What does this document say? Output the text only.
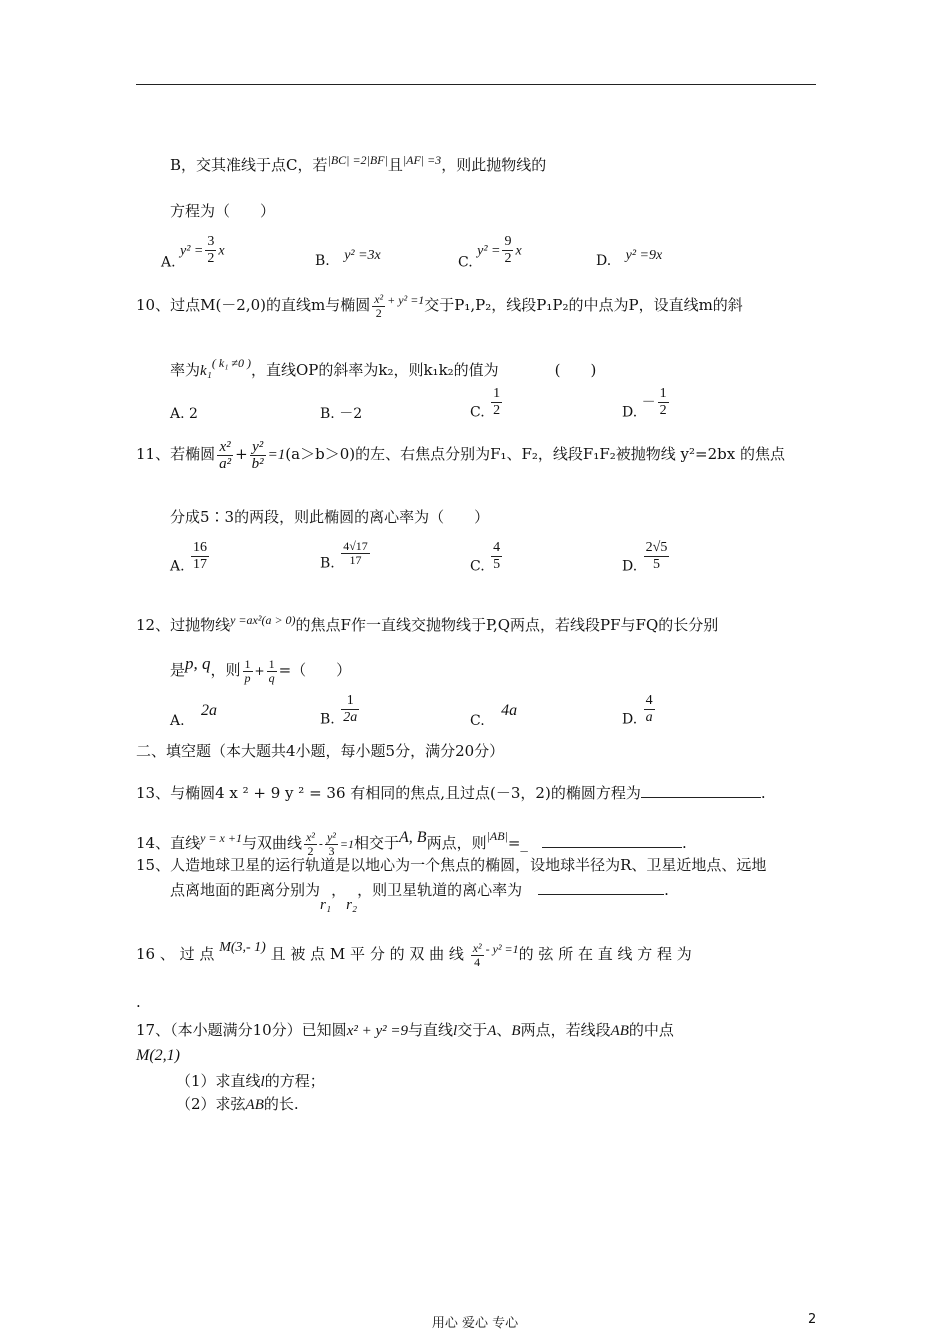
B，交其准线于点C，若$^{|BC| =2|BF|}$且$^{|AF| =3}$，则此抛物线的
方程为（　　）
A. $y^2 = \frac{3}{2}$ x
B. y² =3x	C. $y^2 = \frac{9}{2}$ x
D. y² =9x
10、过点M(－2,0)的直线m与椭圆 $\frac{\text{x²}}{2} ^{+ y^2 =1}$交于P₁,P₂，线段P₁P₂的中点为P，设直线m的斜
率为k₁$^{( k_1 \ne 0 )}$，直线OP的斜率为k₂，则k₁k₂的值为	(　　)
A. 2	B. －2	C. $\frac{1}{2}$	D. － $\frac{1}{2}$
11、若椭圆 $\frac{\text{x²}}{\text{a²}} + \frac{\text{y²}}{\text{b²}} =1(a>b>0)$的左、右焦点分别为F₁、F₂，线段F₁F₂被抛物线 y²=2bx 的焦点
分成5∶3的两段，则此椭圆的离心率为（　　）
A. $\frac{16}{17}$	B. $\frac{4√17}{17}$	C. $\frac{4}{5}$	D. $\frac{2√5}{5}$
12、过抛物线$^{y =ax^2(a > 0)}$的焦点F作一直线交抛物线于P,Q两点，若线段PF与FQ的长分别
是p, q，则 $\frac{1}{p} + \frac{1}{q}$ =（　　）
A. 2a
B. $\frac{1}{2a}$	C. 4a
D. $\frac{4}{a}$
二、填空题（本大题共4小题，每小题5分，满分20分）
13、与椭圆4 x ² + 9 y ² = 36 有相同的焦点,且过点(－3，2)的椭圆方程为	.
14、直线$^{y = x +1}$与双曲线 $\frac{\text{x²}}{2} - \frac{\text{y²}}{3} =1$相交于A, B两点，则$^{|AB|}$=_	.
15、人造地球卫星的运行轨道是以地心为一个焦点的椭圆，设地球半径为R、卫星近地点、远地
点离地面的距离分别为r₁，r₂，则卫星轨道的离心率为	.
16 、 过 点 M(3,- 1) 且 被 点 M 平 分 的 双 曲 线 $\frac{\text{x²}}{4} ^{- y^2 =1}$的 弦 所 在 直 线 方 程 为
.
17、（本小题满分10分）已知圆x² + y² =9与直线l交于A、B两点，若线段AB的中点
M(2,1)
（1）求直线l的方程；
（2）求弦AB的长.
用心 爱心 专心	2
